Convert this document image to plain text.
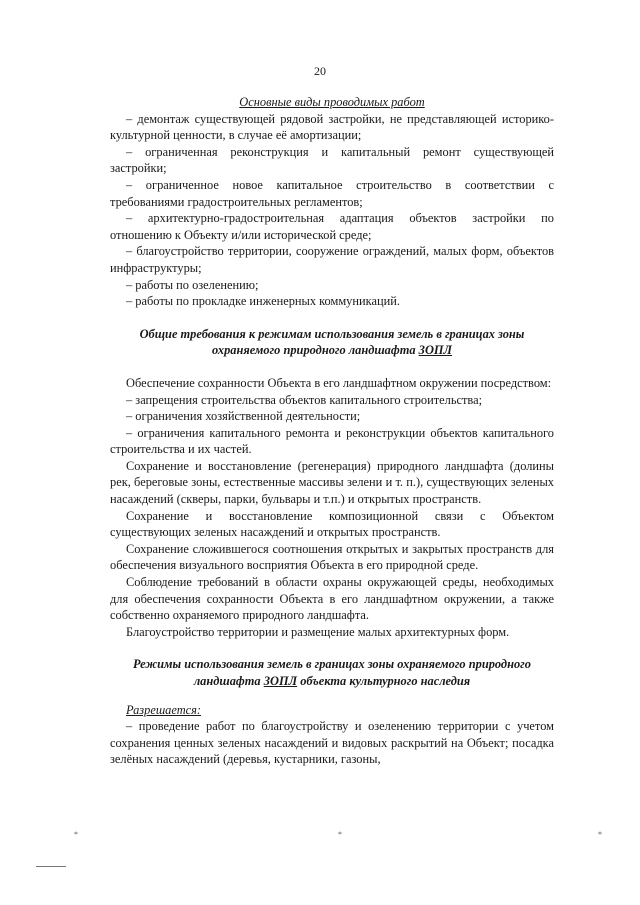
20

Основные виды проводимых работ

– демонтаж существующей рядовой застройки, не представляющей историко-культурной ценности, в случае её амортизации;

– ограниченная реконструкция и капитальный ремонт существующей застройки;

– ограниченное новое капитальное строительство в соответствии с требованиями градостроительных регламентов;

– архитектурно-градостроительная адаптация объектов застройки по отношению к Объекту и/или исторической среде;

– благоустройство территории, сооружение ограждений, малых форм, объектов инфраструктуры;

– работы по озеленению;

– работы по прокладке инженерных коммуникаций.

Общие требования к режимам использования земель в границах зоны охраняемого природного ландшафта ЗОПЛ

Обеспечение сохранности Объекта в его ландшафтном окружении посредством:

– запрещения строительства объектов капитального строительства;

– ограничения хозяйственной деятельности;

– ограничения капитального ремонта и реконструкции объектов капитального строительства и их частей.

Сохранение и восстановление (регенерация) природного ландшафта (долины рек, береговые зоны, естественные массивы зелени и т. п.), существующих зеленых насаждений (скверы, парки, бульвары и т.п.) и открытых пространств.

Сохранение и восстановление композиционной связи с Объектом существующих зеленых насаждений и открытых пространств.

Сохранение сложившегося соотношения открытых и закрытых пространств для обеспечения визуального восприятия Объекта в его природной среде.

Соблюдение требований в области охраны окружающей среды, необходимых для обеспечения сохранности Объекта в его ландшафтном окружении, а также собственно охраняемого природного ландшафта.

Благоустройство территории и размещение малых архитектурных форм.

Режимы использования земель в границах зоны охраняемого природного ландшафта ЗОПЛ объекта культурного наследия

Разрешается:

– проведение работ по благоустройству и озеленению территории с учетом сохранения ценных зеленых насаждений и видовых раскрытий на Объект; посадка зелёных насаждений (деревья, кустарники, газоны,

*	*	*
